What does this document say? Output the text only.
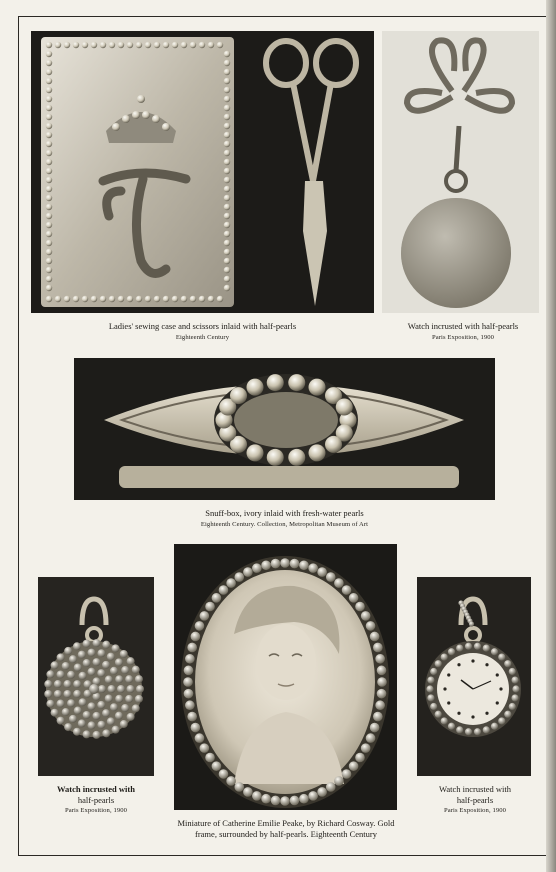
Ladies' sewing case and scissors inlaid with half-pearls
Eighteenth Century
Watch incrusted with half-pearls
Paris Exposition, 1900
Snuff-box, ivory inlaid with fresh-water pearls
Eighteenth Century. Collection, Metropolitan Museum of Art
Watch incrusted with
half-pearls
Paris Exposition, 1900
Miniature of Catherine Emilie Peake, by Richard Cosway. Gold
frame, surrounded by half-pearls. Eighteenth Century
Watch incrusted with
half-pearls
Paris Exposition, 1900
